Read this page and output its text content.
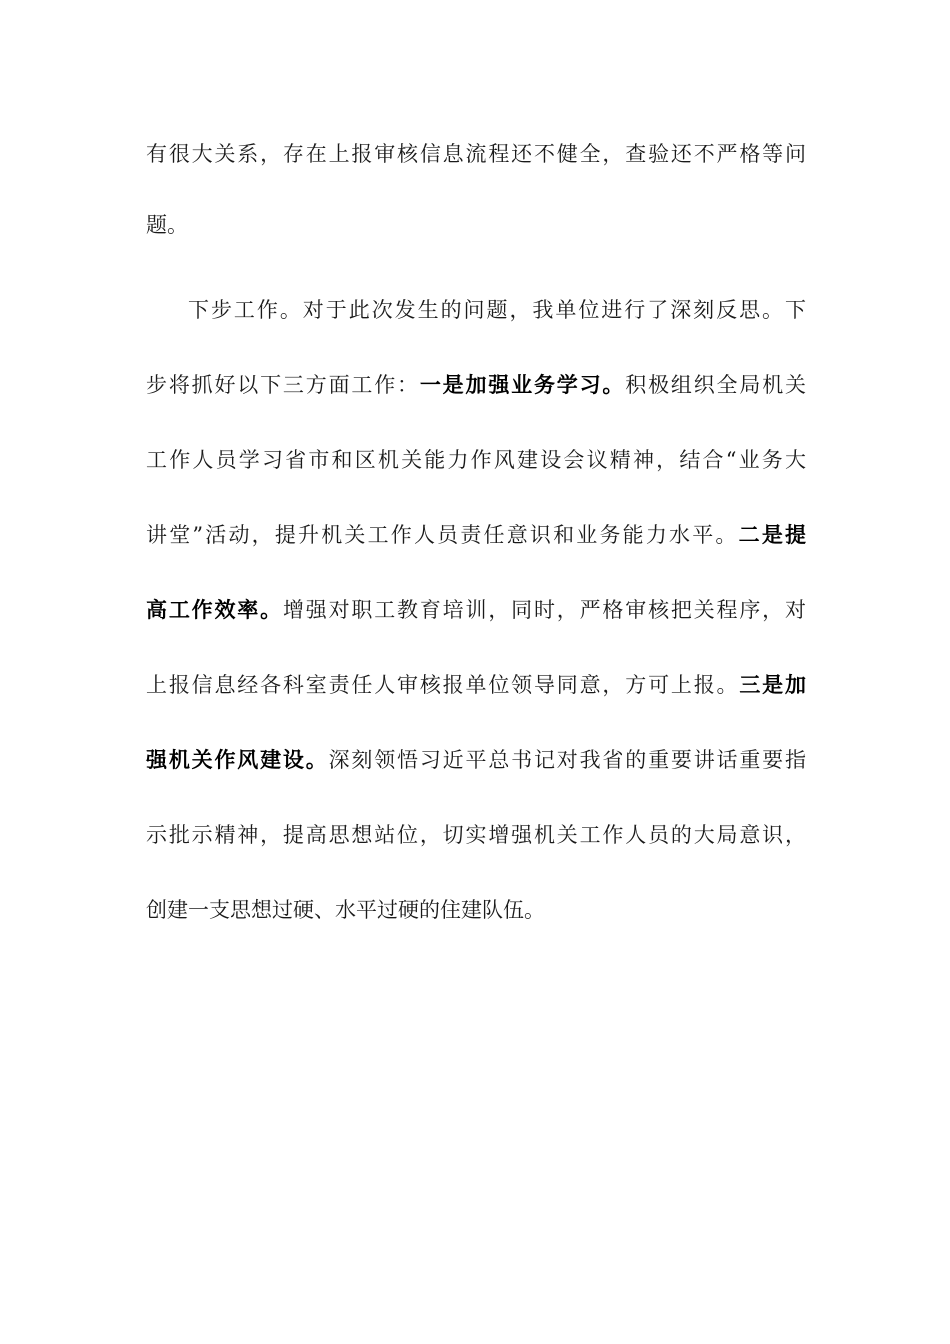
有很大关系，存在上报审核信息流程还不健全，查验还不严格等问
题。
下步工作。对于此次发生的问题，我单位进行了深刻反思。下
步将抓好以下三方面工作：一是加强业务学习。积极组织全局机关
工作人员学习省市和区机关能力作风建设会议精神，结合“业务大
讲堂”活动，提升机关工作人员责任意识和业务能力水平。二是提
高工作效率。增强对职工教育培训，同时，严格审核把关程序，对
上报信息经各科室责任人审核报单位领导同意，方可上报。三是加
强机关作风建设。深刻领悟习近平总书记对我省的重要讲话重要指
示批示精神，提高思想站位，切实增强机关工作人员的大局意识，
创建一支思想过硬、水平过硬的住建队伍。
